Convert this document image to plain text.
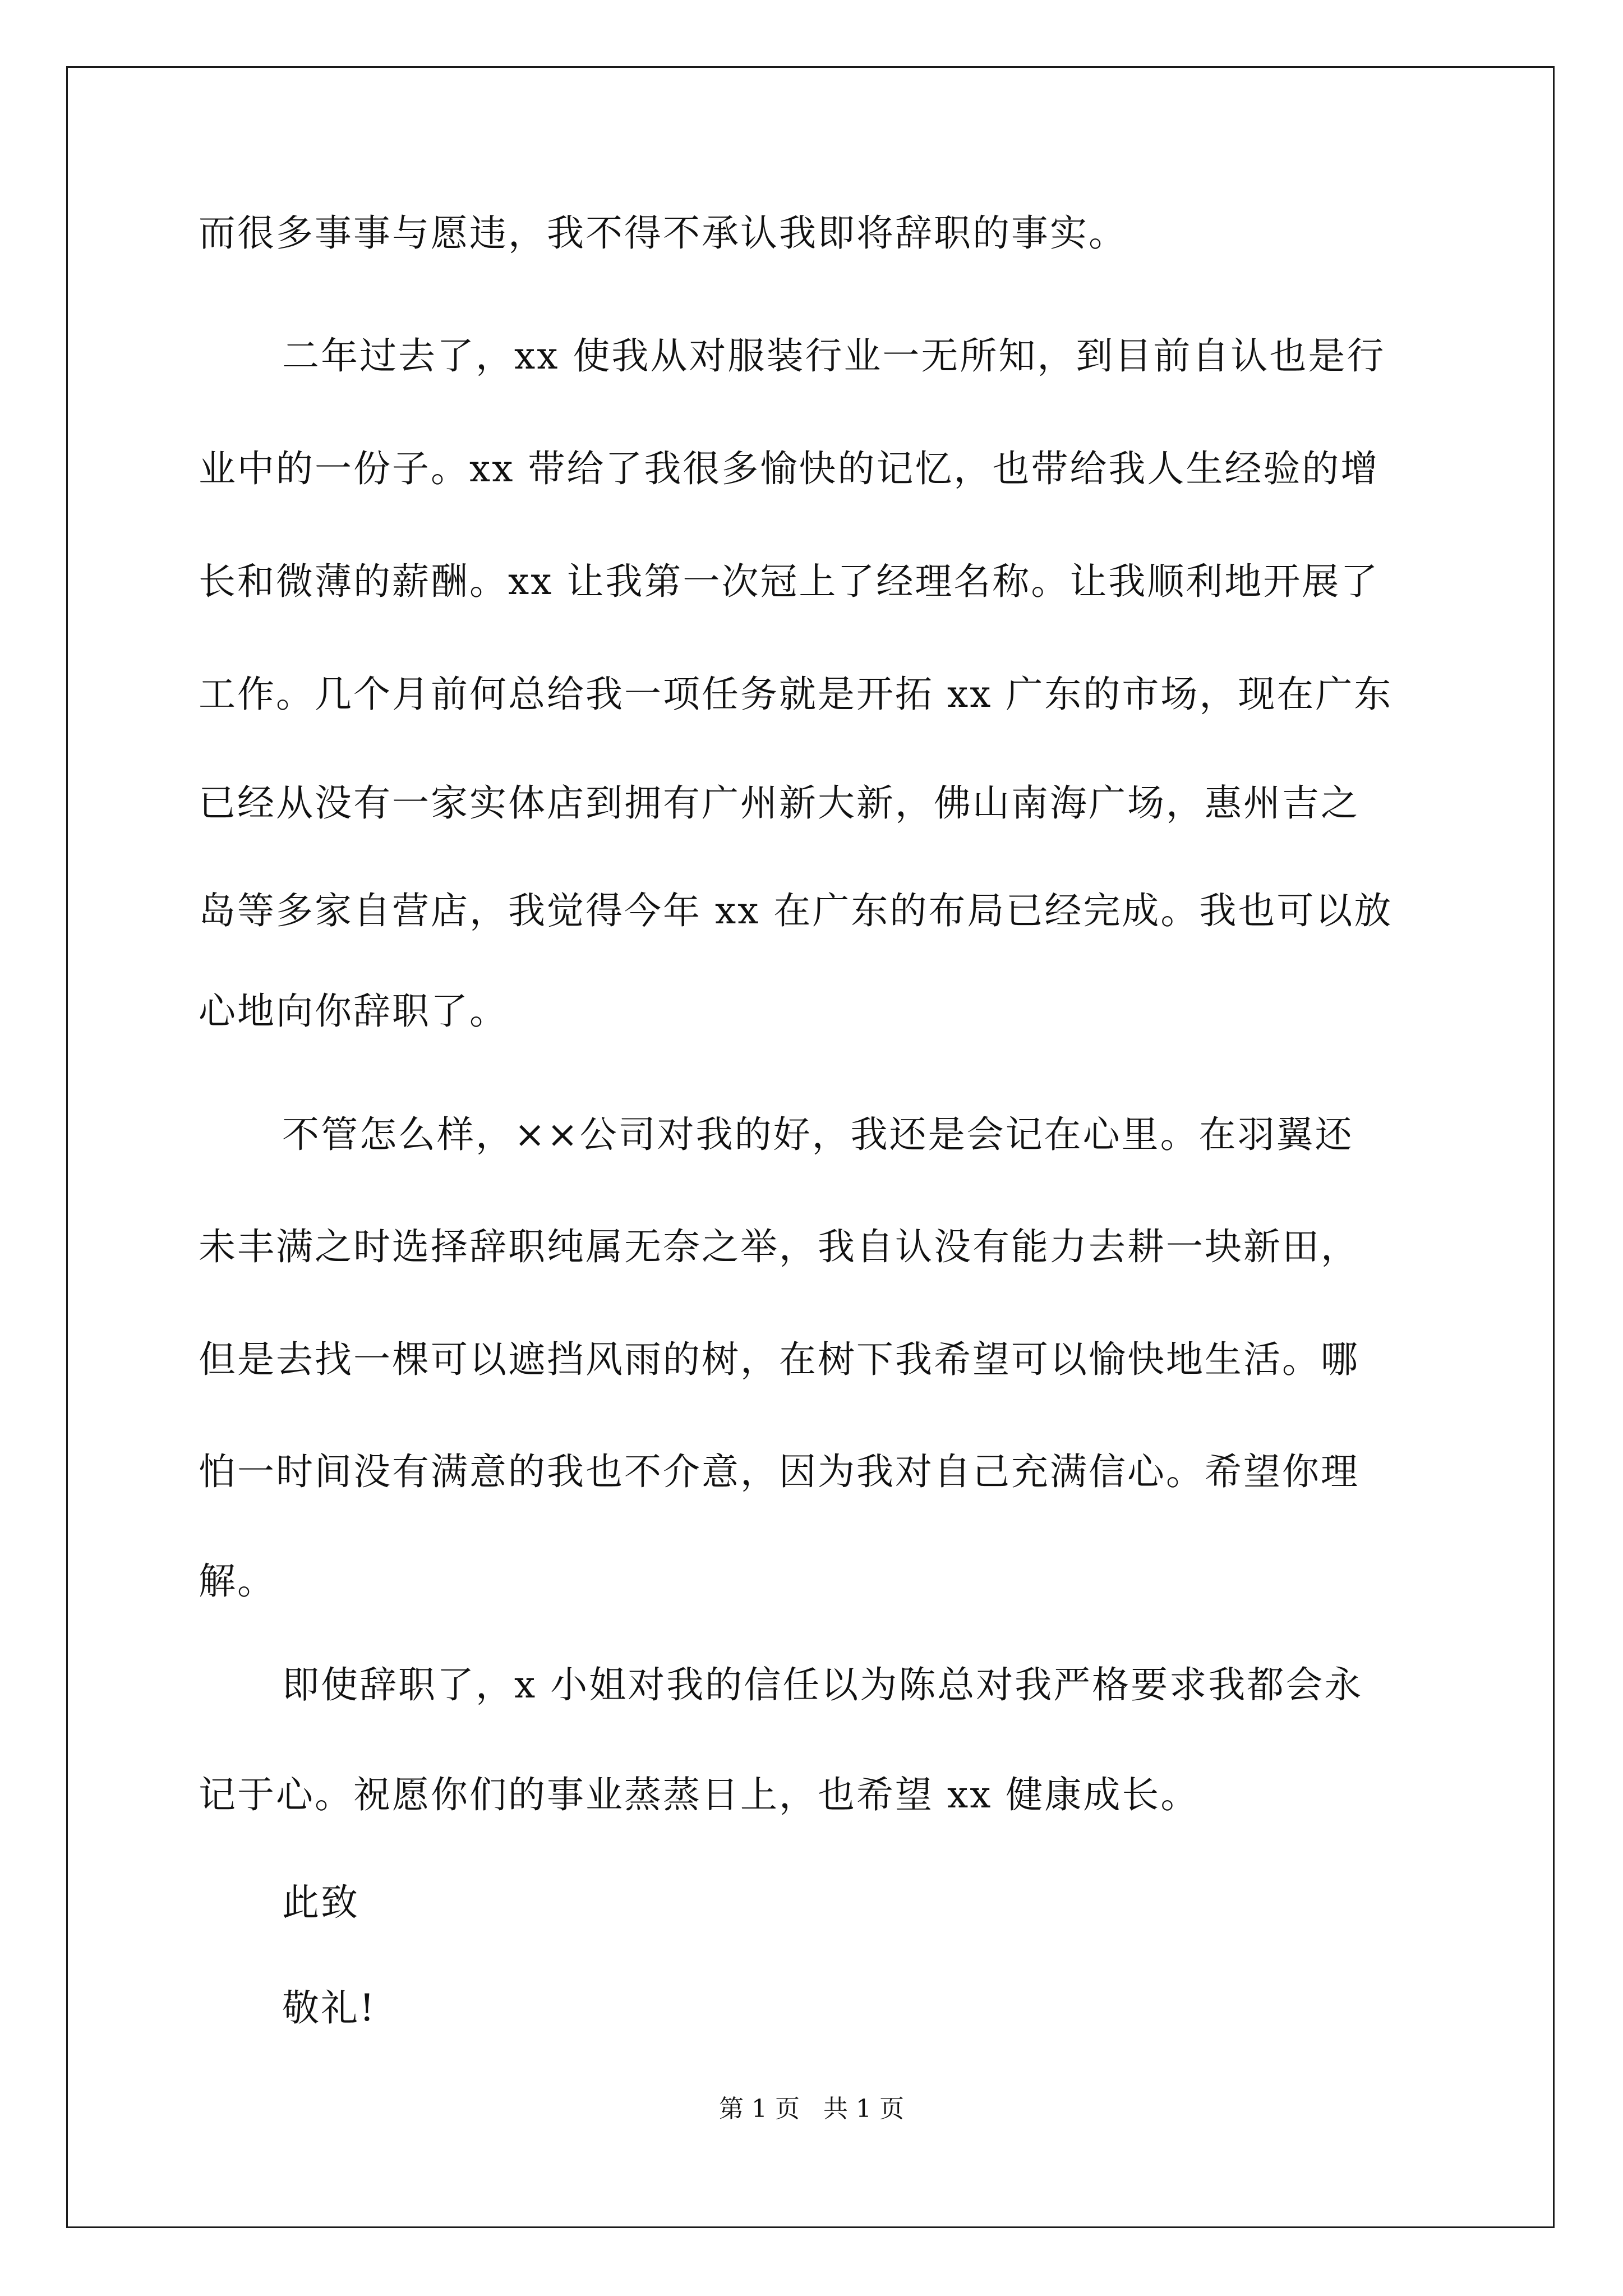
而很多事事与愿违，我不得不承认我即将辞职的事实。
二年过去了，xx 使我从对服装行业一无所知，到目前自认也是行
业中的一份子。xx 带给了我很多愉快的记忆，也带给我人生经验的增
长和微薄的薪酬。xx 让我第一次冠上了经理名称。让我顺利地开展了
工作。几个月前何总给我一项任务就是开拓 xx 广东的市场，现在广东
已经从没有一家实体店到拥有广州新大新，佛山南海广场，惠州吉之
岛等多家自营店，我觉得今年 xx 在广东的布局已经完成。我也可以放
心地向你辞职了。
不管怎么样，××公司对我的好，我还是会记在心里。在羽翼还
未丰满之时选择辞职纯属无奈之举，我自认没有能力去耕一块新田，
但是去找一棵可以遮挡风雨的树，在树下我希望可以愉快地生活。哪
怕一时间没有满意的我也不介意，因为我对自己充满信心。希望你理
解。
即使辞职了，x 小姐对我的信任以为陈总对我严格要求我都会永
记于心。祝愿你们的事业蒸蒸日上，也希望 xx 健康成长。
此致
敬礼!
第 1 页 共 1 页
